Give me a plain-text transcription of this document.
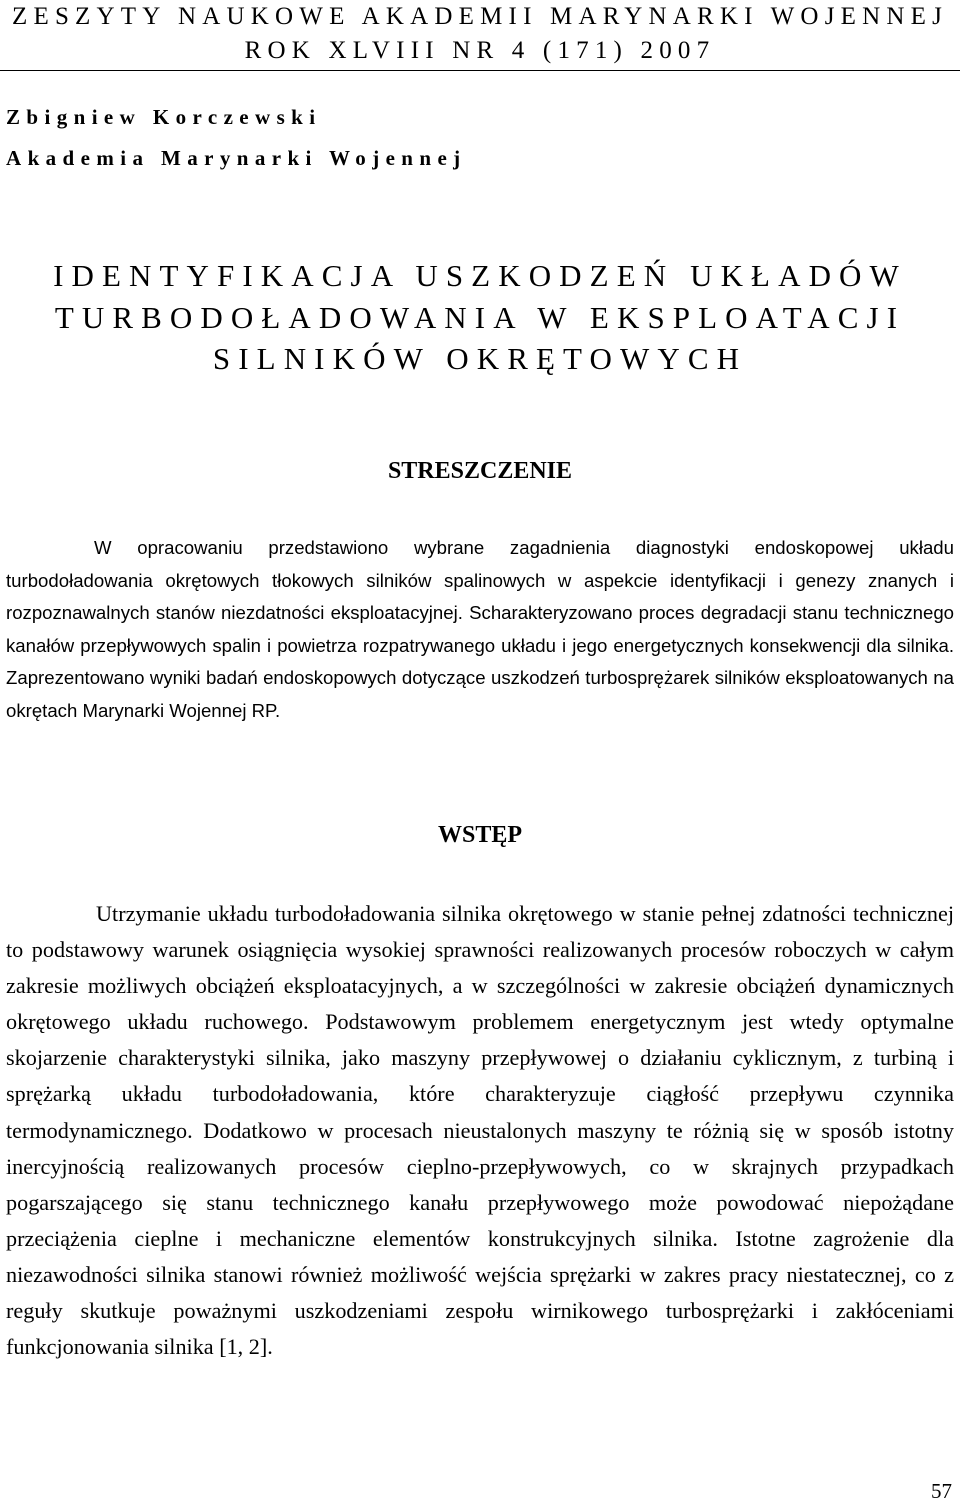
ZESZYTY NAUKOWE AKADEMII MARYNARKI WOJENNEJ
ROK XLVIII NR 4 (171) 2007
Zbigniew Korczewski
Akademia Marynarki Wojennej
IDENTYFIKACJA USZKODZEŃ UKŁADÓW
TURBODOŁADOWANIA W EKSPLOATACJI
SILNIKÓW OKRĘTOWYCH
STRESZCZENIE

W opracowaniu przedstawiono wybrane zagadnienia diagnostyki endoskopowej układu turbodoładowania okrętowych tłokowych silników spalinowych w aspekcie identyfikacji i genezy znanych i rozpoznawalnych stanów niezdatności eksploatacyjnej. Scharakteryzowano proces degradacji stanu technicznego kanałów przepływowych spalin i powietrza rozpatrywanego układu i jego energetycznych konsekwencji dla silnika. Zaprezentowano wyniki badań endoskopowych dotyczące uszkodzeń turbosprężarek silników eksploatowanych na okrętach Marynarki Wojennej RP.

WSTĘP

Utrzymanie układu turbodoładowania silnika okrętowego w stanie pełnej zdatności technicznej to podstawowy warunek osiągnięcia wysokiej sprawności realizowanych procesów roboczych w całym zakresie możliwych obciążeń eksploatacyjnych, a w szczególności w zakresie obciążeń dynamicznych okrętowego układu ruchowego. Podstawowym problemem energetycznym jest wtedy optymalne skojarzenie charakterystyki silnika, jako maszyny przepływowej o działaniu cyklicznym, z turbiną i sprężarką układu turbodoładowania, które charakteryzuje ciągłość przepływu czynnika termodynamicznego. Dodatkowo w procesach nieustalonych maszyny te różnią się w sposób istotny inercyjnością realizowanych procesów cieplno-przepływowych, co w skrajnych przypadkach pogarszającego się stanu technicznego kanału przepływowego może powodować niepożądane przeciążenia cieplne i mechaniczne elementów konstrukcyjnych silnika. Istotne zagrożenie dla niezawodności silnika stanowi również możliwość wejścia sprężarki w zakres pracy niestatecznej, co z reguły skutkuje poważnymi uszkodzeniami zespołu wirnikowego turbosprężarki i zakłóceniami funkcjonowania silnika [1, 2].

57
